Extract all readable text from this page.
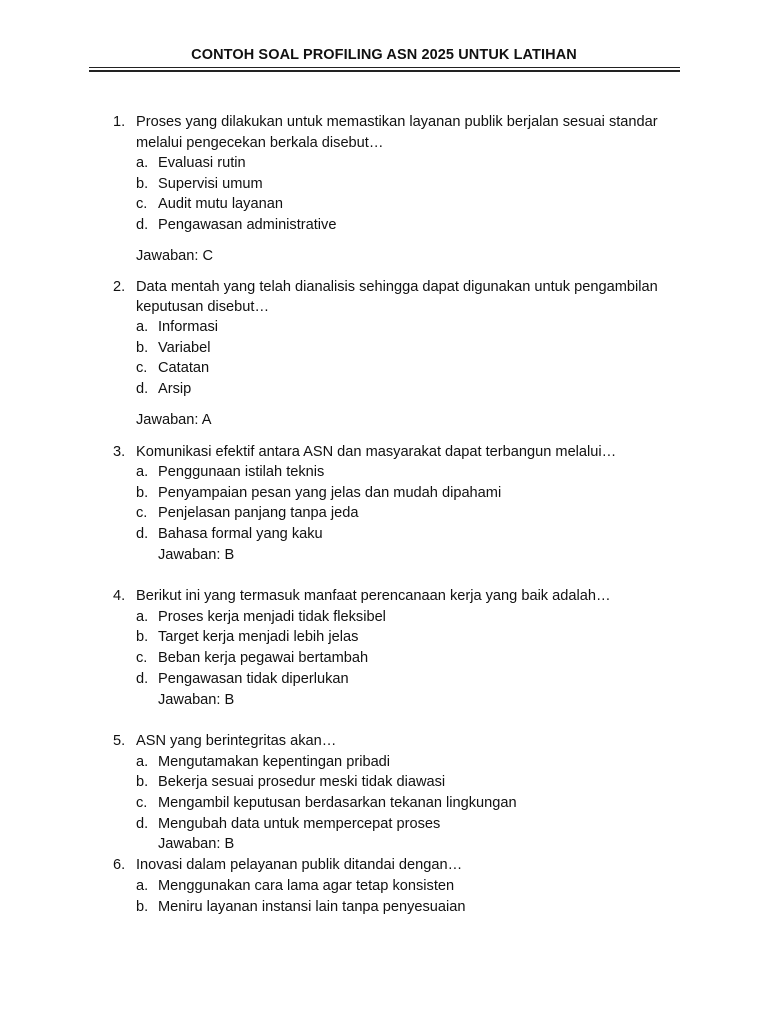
CONTOH SOAL PROFILING ASN 2025 UNTUK LATIHAN
1. Proses yang dilakukan untuk memastikan layanan publik berjalan sesuai standar
melalui pengecekan berkala disebut…
a. Evaluasi rutin
b. Supervisi umum
c. Audit mutu layanan
d. Pengawasan administrative
Jawaban: C
2. Data mentah yang telah dianalisis sehingga dapat digunakan untuk pengambilan
keputusan disebut…
a. Informasi
b. Variabel
c. Catatan
d. Arsip
Jawaban: A
3. Komunikasi efektif antara ASN dan masyarakat dapat terbangun melalui…
a. Penggunaan istilah teknis
b. Penyampaian pesan yang jelas dan mudah dipahami
c. Penjelasan panjang tanpa jeda
d. Bahasa formal yang kaku
Jawaban: B
4. Berikut ini yang termasuk manfaat perencanaan kerja yang baik adalah…
a. Proses kerja menjadi tidak fleksibel
b. Target kerja menjadi lebih jelas
c. Beban kerja pegawai bertambah
d. Pengawasan tidak diperlukan
Jawaban: B
5. ASN yang berintegritas akan…
a. Mengutamakan kepentingan pribadi
b. Bekerja sesuai prosedur meski tidak diawasi
c. Mengambil keputusan berdasarkan tekanan lingkungan
d. Mengubah data untuk mempercepat proses
Jawaban: B
6. Inovasi dalam pelayanan publik ditandai dengan…
a. Menggunakan cara lama agar tetap konsisten
b. Meniru layanan instansi lain tanpa penyesuaian
